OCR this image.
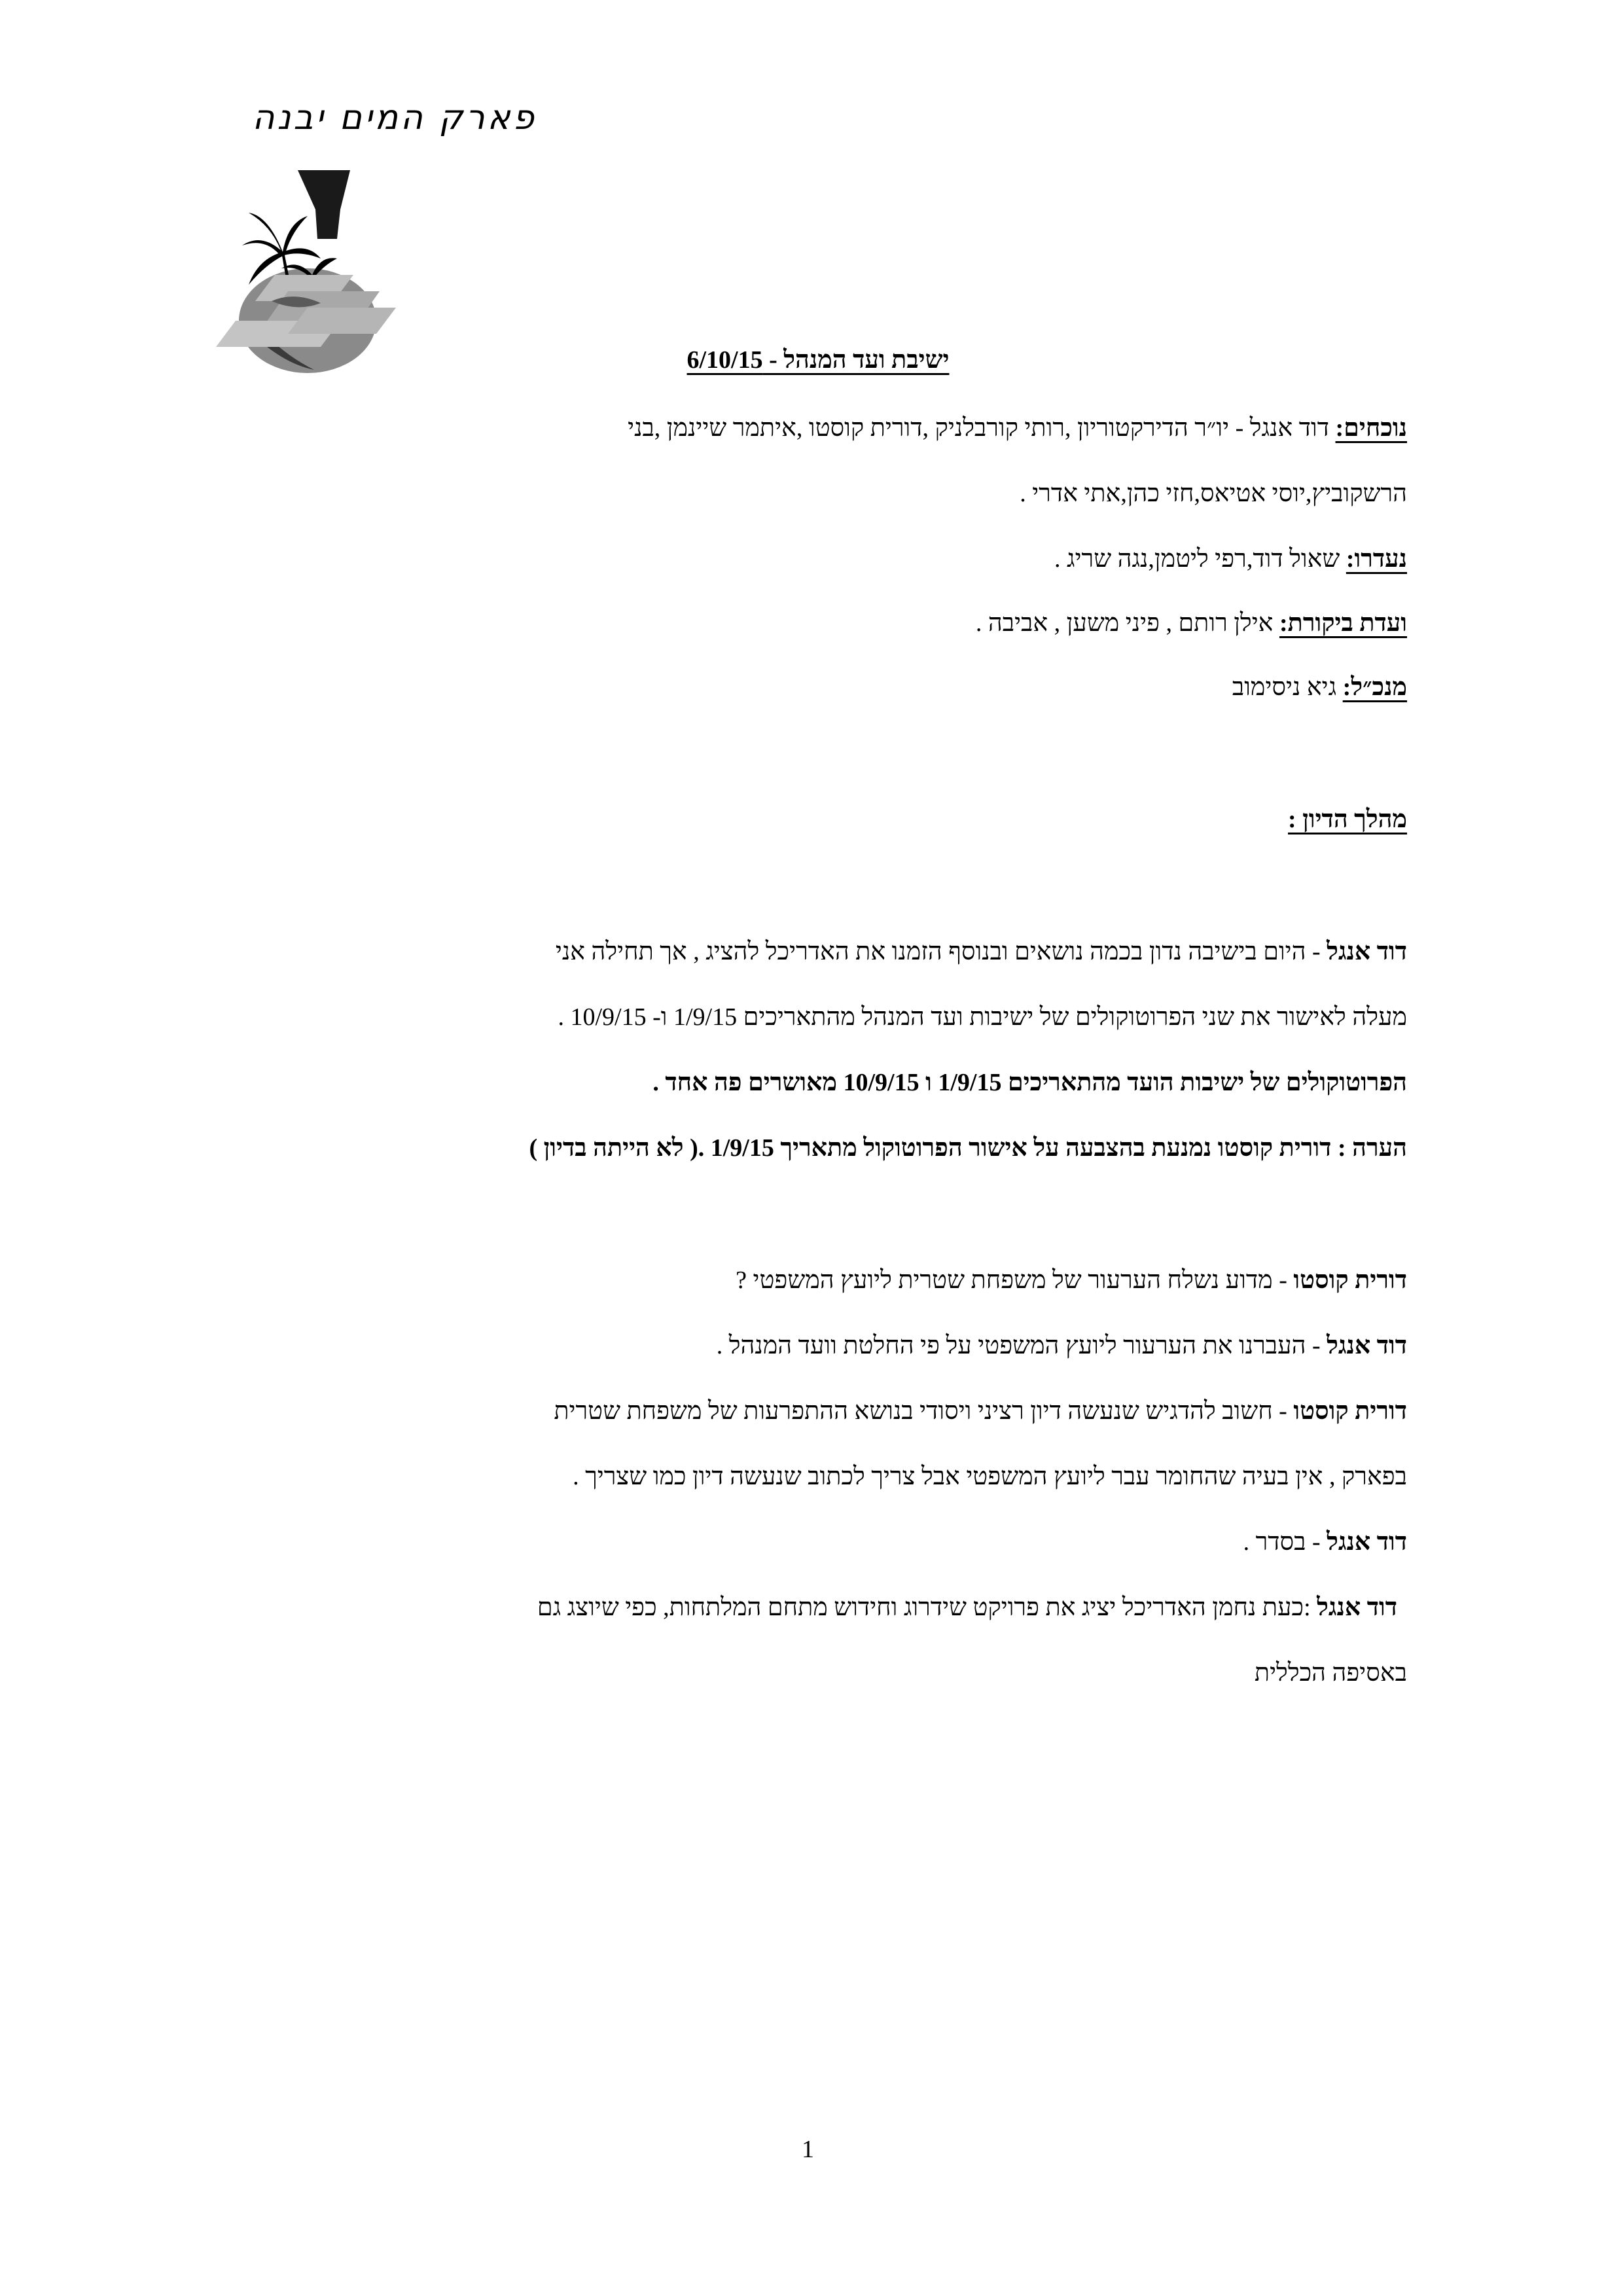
פארק המים יבנה
ישיבת ועד המנהל - 6/10/15
נוכחים: דוד אנגל - יו״ר הדירקטוריון ,רותי קורבלניק ,דורית קוסטו ,איתמר שיינמן ,בני
הרשקוביץ,יוסי אטיאס,חזי כהן,אתי אדרי .
נעדרו: שאול דוד,רפי ליטמן,נגה שריג .
ועדת ביקורת: אילן רותם , פיני משען , אביבה .
מנכ״ל: גיא ניסימוב
מהלך הדיון :
דוד אנגל - היום בישיבה נדון בכמה נושאים ובנוסף הזמנו את האדריכל להציג , אך תחילה אני
מעלה לאישור את שני הפרוטוקולים של ישיבות ועד המנהל מהתאריכים 1/9/15 ו- 10/9/15 .
הפרוטוקולים של ישיבות הועד מהתאריכים 1/9/15 ו 10/9/15 מאושרים פה אחד .
הערה : דורית קוסטו נמנעת בהצבעה על אישור הפרוטוקול מתאריך 1/9/15 .( לא הייתה בדיון )
דורית קוסטו - מדוע נשלח הערעור של משפחת שטרית ליועץ המשפטי ?
דוד אנגל - העברנו את הערעור ליועץ המשפטי על פי החלטת וועד המנהל .
דורית קוסטו - חשוב להדגיש שנעשה דיון רציני ויסודי בנושא ההתפרעות של משפחת שטרית
בפארק , אין בעיה שהחומר עבר ליועץ המשפטי אבל צריך לכתוב שנעשה דיון כמו שצריך .
דוד אנגל - בסדר .
דוד אנגל :כעת נחמן האדריכל יציג את פרויקט שידרוג וחידוש מתחם המלתחות, כפי שיוצג גם
באסיפה הכללית
1
